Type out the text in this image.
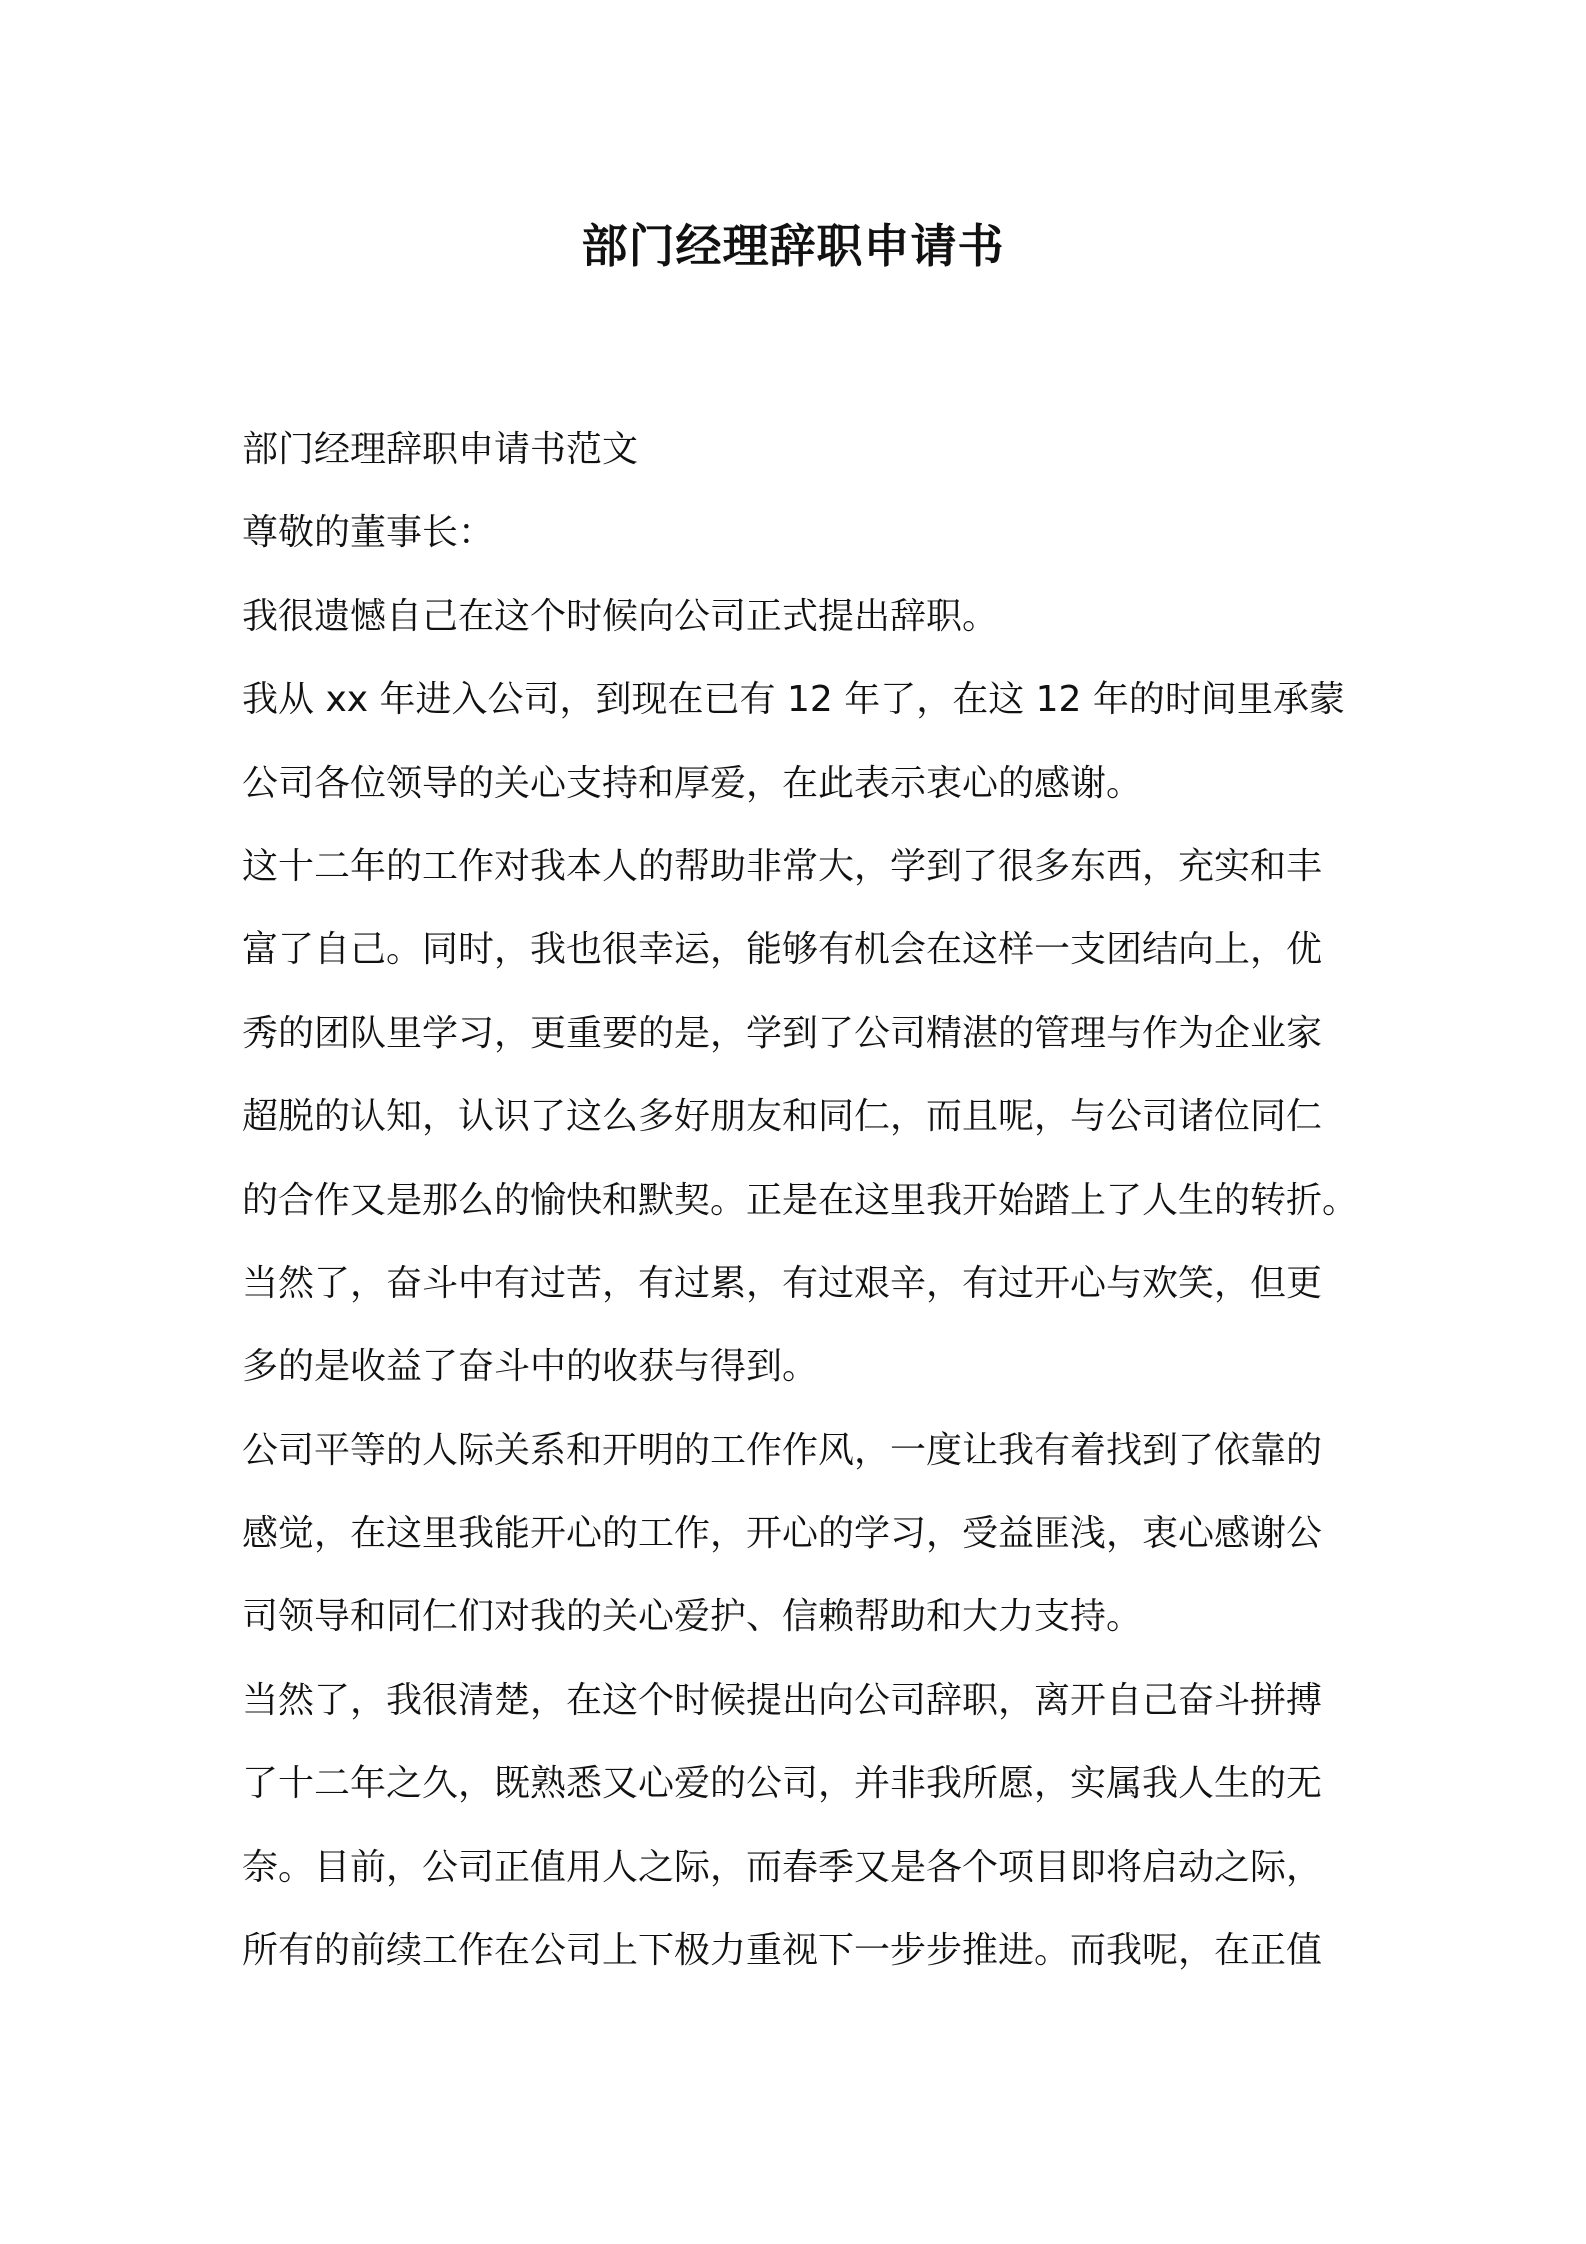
部门经理辞职申请书
部门经理辞职申请书范文
尊敬的董事长：
我很遗憾自己在这个时候向公司正式提出辞职。
我从 xx 年进入公司，到现在已有 12 年了，在这 12 年的时间里承蒙
公司各位领导的关心支持和厚爱，在此表示衷心的感谢。
这十二年的工作对我本人的帮助非常大，学到了很多东西，充实和丰
富了自己。同时，我也很幸运，能够有机会在这样一支团结向上，优
秀的团队里学习，更重要的是，学到了公司精湛的管理与作为企业家
超脱的认知，认识了这么多好朋友和同仁，而且呢，与公司诸位同仁
的合作又是那么的愉快和默契。正是在这里我开始踏上了人生的转折。
当然了，奋斗中有过苦，有过累，有过艰辛，有过开心与欢笑，但更
多的是收益了奋斗中的收获与得到。
公司平等的人际关系和开明的工作作风，一度让我有着找到了依靠的
感觉，在这里我能开心的工作，开心的学习，受益匪浅，衷心感谢公
司领导和同仁们对我的关心爱护、信赖帮助和大力支持。
当然了，我很清楚，在这个时候提出向公司辞职，离开自己奋斗拼搏
了十二年之久，既熟悉又心爱的公司，并非我所愿，实属我人生的无
奈。目前，公司正值用人之际，而春季又是各个项目即将启动之际，
所有的前续工作在公司上下极力重视下一步步推进。而我呢，在正值
